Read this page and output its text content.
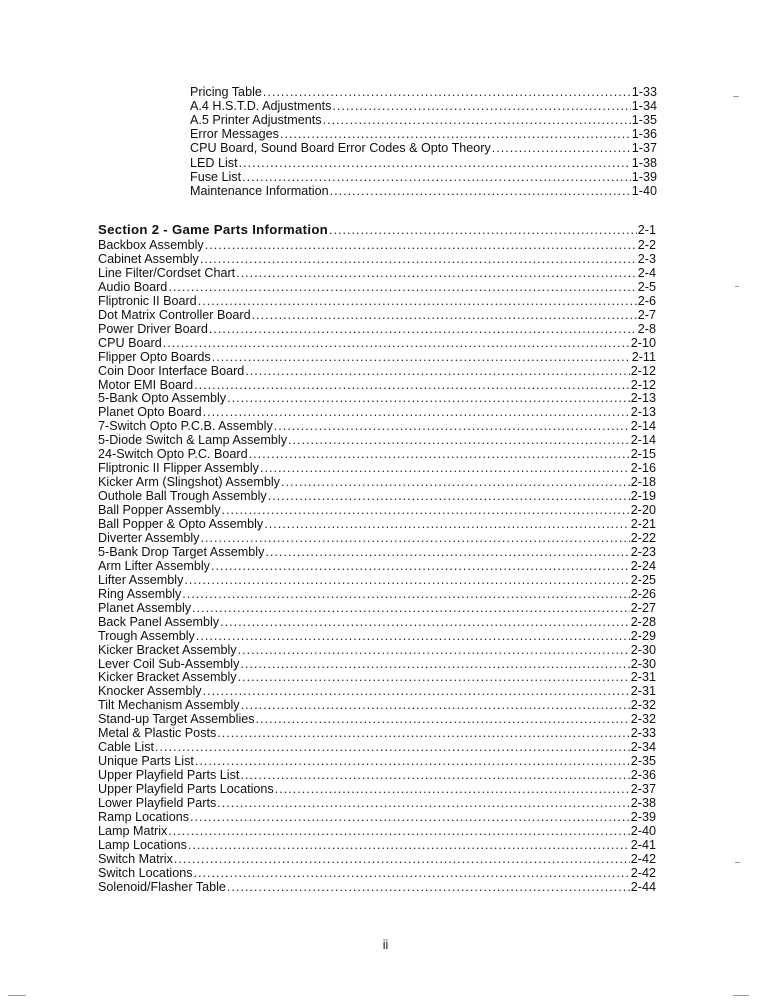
Pricing Table .....	1-33
A.4 H.S.T.D. Adjustments .....	1-34
A.5 Printer Adjustments .....	1-35
Error Messages .....	1-36
CPU Board, Sound Board Error Codes & Opto Theory .....	1-37
LED List .....	1-38
Fuse List .....	1-39
Maintenance Information .....	1-40
Section 2 - Game Parts Information .....	2-1
Backbox Assembly .....	2-2
Cabinet Assembly .....	2-3
Line Filter/Cordset Chart .....	2-4
Audio Board .....	2-5
Fliptronic II Board .....	2-6
Dot Matrix Controller Board .....	2-7
Power Driver Board .....	2-8
CPU Board .....	2-10
Flipper Opto Boards .....	2-11
Coin Door Interface Board .....	2-12
Motor EMI Board .....	2-12
5-Bank Opto Assembly .....	2-13
Planet Opto Board .....	2-13
7-Switch Opto P.C.B. Assembly .....	2-14
5-Diode Switch & Lamp Assembly .....	2-14
24-Switch Opto P.C. Board .....	2-15
Fliptronic II Flipper Assembly .....	2-16
Kicker Arm (Slingshot) Assembly .....	2-18
Outhole Ball Trough Assembly .....	2-19
Ball Popper Assembly .....	2-20
Ball Popper & Opto Assembly .....	2-21
Diverter Assembly .....	2-22
5-Bank Drop Target Assembly .....	2-23
Arm Lifter Assembly .....	2-24
Lifter Assembly .....	2-25
Ring Assembly .....	2-26
Planet Assembly .....	2-27
Back Panel Assembly .....	2-28
Trough Assembly .....	2-29
Kicker Bracket Assembly .....	2-30
Lever Coil Sub-Assembly .....	2-30
Kicker Bracket Assembly .....	2-31
Knocker Assembly .....	2-31
Tilt Mechanism Assembly .....	2-32
Stand-up Target Assemblies .....	2-32
Metal & Plastic Posts .....	2-33
Cable List .....	2-34
Unique Parts List .....	2-35
Upper Playfield Parts List .....	2-36
Upper Playfield Parts Locations .....	2-37
Lower Playfield Parts .....	2-38
Ramp Locations .....	2-39
Lamp Matrix .....	2-40
Lamp Locations .....	2-41
Switch Matrix .....	2-42
Switch Locations .....	2-42
Solenoid/Flasher Table .....	2-44
ii
